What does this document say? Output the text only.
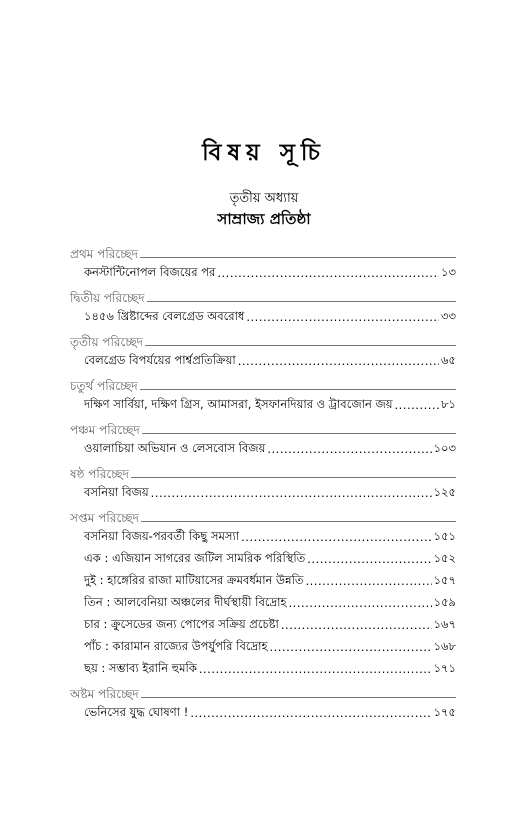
বিষয় সূচি
তৃতীয় অধ্যায়
সাম্রাজ্য প্রতিষ্ঠা
প্রথম পরিচ্ছেদ
কনস্টান্টিনোপল বিজয়ের পর .....	১৩
দ্বিতীয় পরিচ্ছেদ
১৪৫৬ খ্রিষ্টাব্দের বেলগ্রেড অবরোধ .....	৩৩
তৃতীয় পরিচ্ছেদ
বেলগ্রেড বিপর্যয়ের পার্শ্বপ্রতিক্রিয়া .....	৬৫
চতুর্থ পরিচ্ছেদ
দক্ষিণ সার্বিয়া, দক্ষিণ গ্রিস, আমাসরা, ইসফানদিয়ার ও ট্রাবজোন জয় .....	৮১
পঞ্চম পরিচ্ছেদ
ওয়ালাচিয়া অভিযান ও লেসবোস বিজয় .....	১০৩
ষষ্ঠ পরিচ্ছেদ
বসনিয়া বিজয় .....	১২৫
সপ্তম পরিচ্ছেদ
বসনিয়া বিজয়-পরবর্তী কিছু সমস্যা .....	১৫১
এক : এজিয়ান সাগরের জটিল সামরিক পরিস্থিতি .....	১৫২
দুই : হাঙ্গেরির রাজা মাটিয়াসের ক্রমবর্ধমান উন্নতি .....	১৫৭
তিন : আলবেনিয়া অঞ্চলের দীর্ঘস্থায়ী বিদ্রোহ .....	১৫৯
চার : ক্রুসেডের জন্য পোপের সক্রিয় প্রচেষ্টা .....	১৬৭
পাঁচ : কারামান রাজ্যের উপর্যুপরি বিদ্রোহ .....	১৬৮
ছয় : সম্ভাব্য ইরানি হুমকি .....	১৭১
অষ্টম পরিচ্ছেদ
ভেনিসের যুদ্ধ ঘোষণা ! .....	১৭৫
